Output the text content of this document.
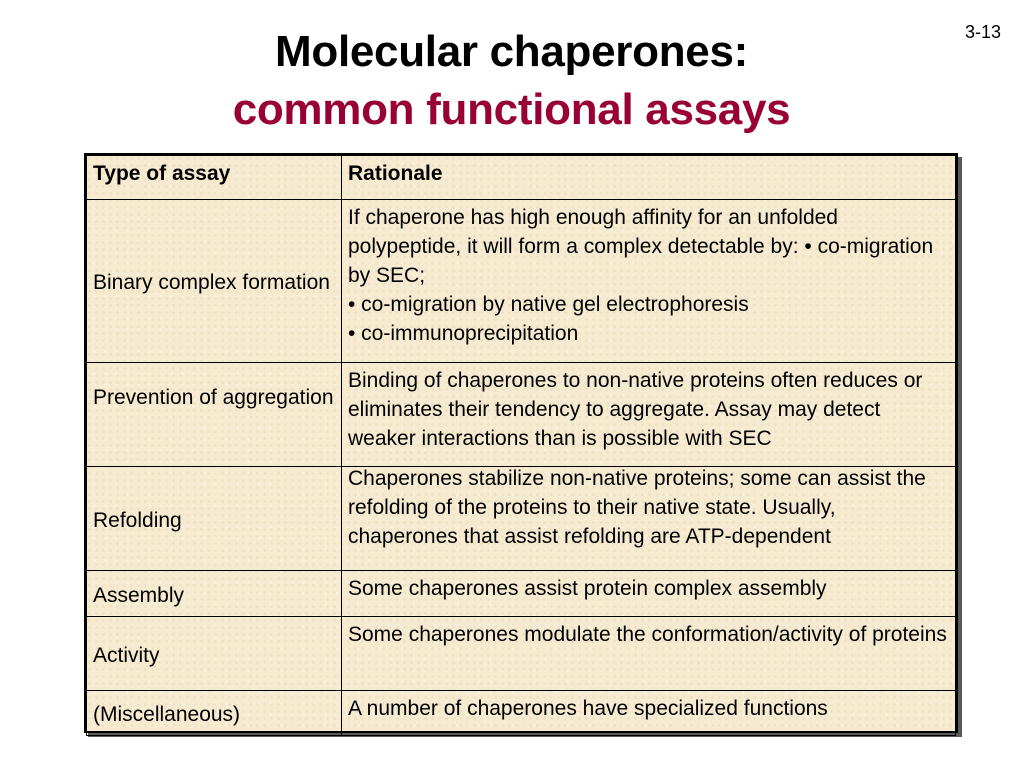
3-13
Molecular chaperones:
common functional assays
Type of assay	Rationale
Binary complex formation	If chaperone has high enough affinity for an unfolded polypeptide, it will form a complex detectable by: • co-migration by SEC;
• co-migration by native gel electrophoresis
• co-immunoprecipitation
Prevention of aggregation	Binding of chaperones to non-native proteins often reduces or eliminates their tendency to aggregate. Assay may detect weaker interactions than is possible with SEC

Refolding	Chaperones stabilize non-native proteins; some can assist the refolding of the proteins to their native state. Usually, chaperones that assist refolding are ATP-dependent

Assembly	Some chaperones assist protein complex assembly
Activity	Some chaperones modulate the conformation/activity of proteins
(Miscellaneous)	A number of chaperones have specialized functions
